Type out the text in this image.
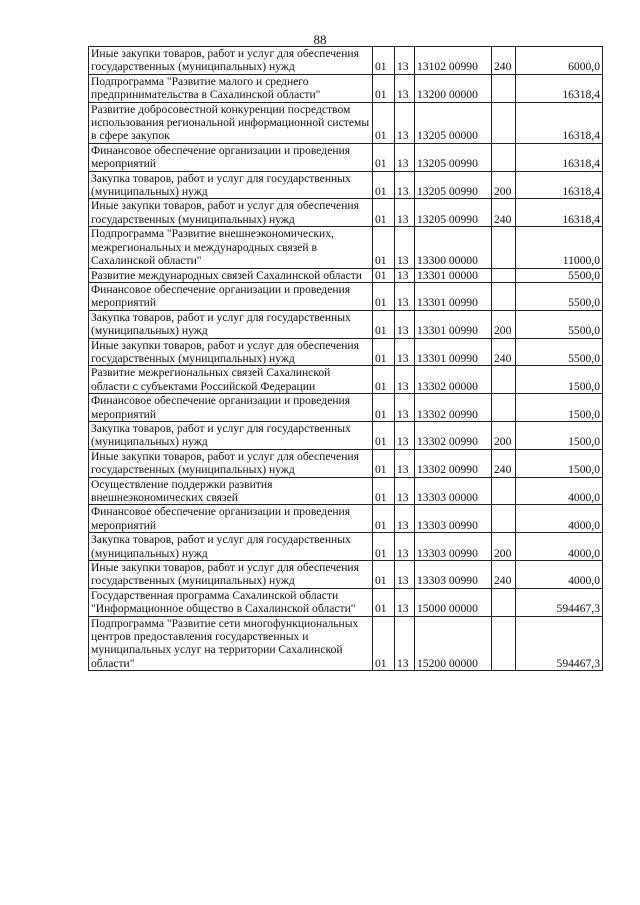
88
Иные закупки товаров, работ и услуг для обеспечения государственных (муниципальных) нужд	01	13	13102 00990	240	6000,0
Подпрограмма "Развитие малого и среднего предпринимательства в Сахалинской области"	01	13	13200 00000		16318,4
Развитие добросовестной конкуренции посредством использования региональной информационной системы в сфере закупок	01	13	13205 00000		16318,4
Финансовое обеспечение организации и проведения мероприятий	01	13	13205 00990		16318,4
Закупка товаров, работ и услуг для государственных (муниципальных) нужд	01	13	13205 00990	200	16318,4
Иные закупки товаров, работ и услуг для обеспечения государственных (муниципальных) нужд	01	13	13205 00990	240	16318,4
Подпрограмма "Развитие внешнеэкономических, межрегиональных и международных связей в Сахалинской области"	01	13	13300 00000		11000,0
Развитие международных связей Сахалинской области	01	13	13301 00000		5500,0
Финансовое обеспечение организации и проведения мероприятий	01	13	13301 00990		5500,0
Закупка товаров, работ и услуг для государственных (муниципальных) нужд	01	13	13301 00990	200	5500,0
Иные закупки товаров, работ и услуг для обеспечения государственных (муниципальных) нужд	01	13	13301 00990	240	5500,0
Развитие межрегиональных связей Сахалинской области с субъектами Российской Федерации	01	13	13302 00000		1500,0
Финансовое обеспечение организации и проведения мероприятий	01	13	13302 00990		1500,0
Закупка товаров, работ и услуг для государственных (муниципальных) нужд	01	13	13302 00990	200	1500,0
Иные закупки товаров, работ и услуг для обеспечения государственных (муниципальных) нужд	01	13	13302 00990	240	1500,0
Осуществление поддержки развития внешнеэкономических связей	01	13	13303 00000		4000,0
Финансовое обеспечение организации и проведения мероприятий	01	13	13303 00990		4000,0
Закупка товаров, работ и услуг для государственных (муниципальных) нужд	01	13	13303 00990	200	4000,0
Иные закупки товаров, работ и услуг для обеспечения государственных (муниципальных) нужд	01	13	13303 00990	240	4000,0
Государственная программа Сахалинской области "Информационное общество в Сахалинской области"	01	13	15000 00000		594467,3
Подпрограмма "Развитие сети многофункциональных центров предоставления государственных и муниципальных услуг на территории Сахалинской области"	01	13	15200 00000		594467,3
